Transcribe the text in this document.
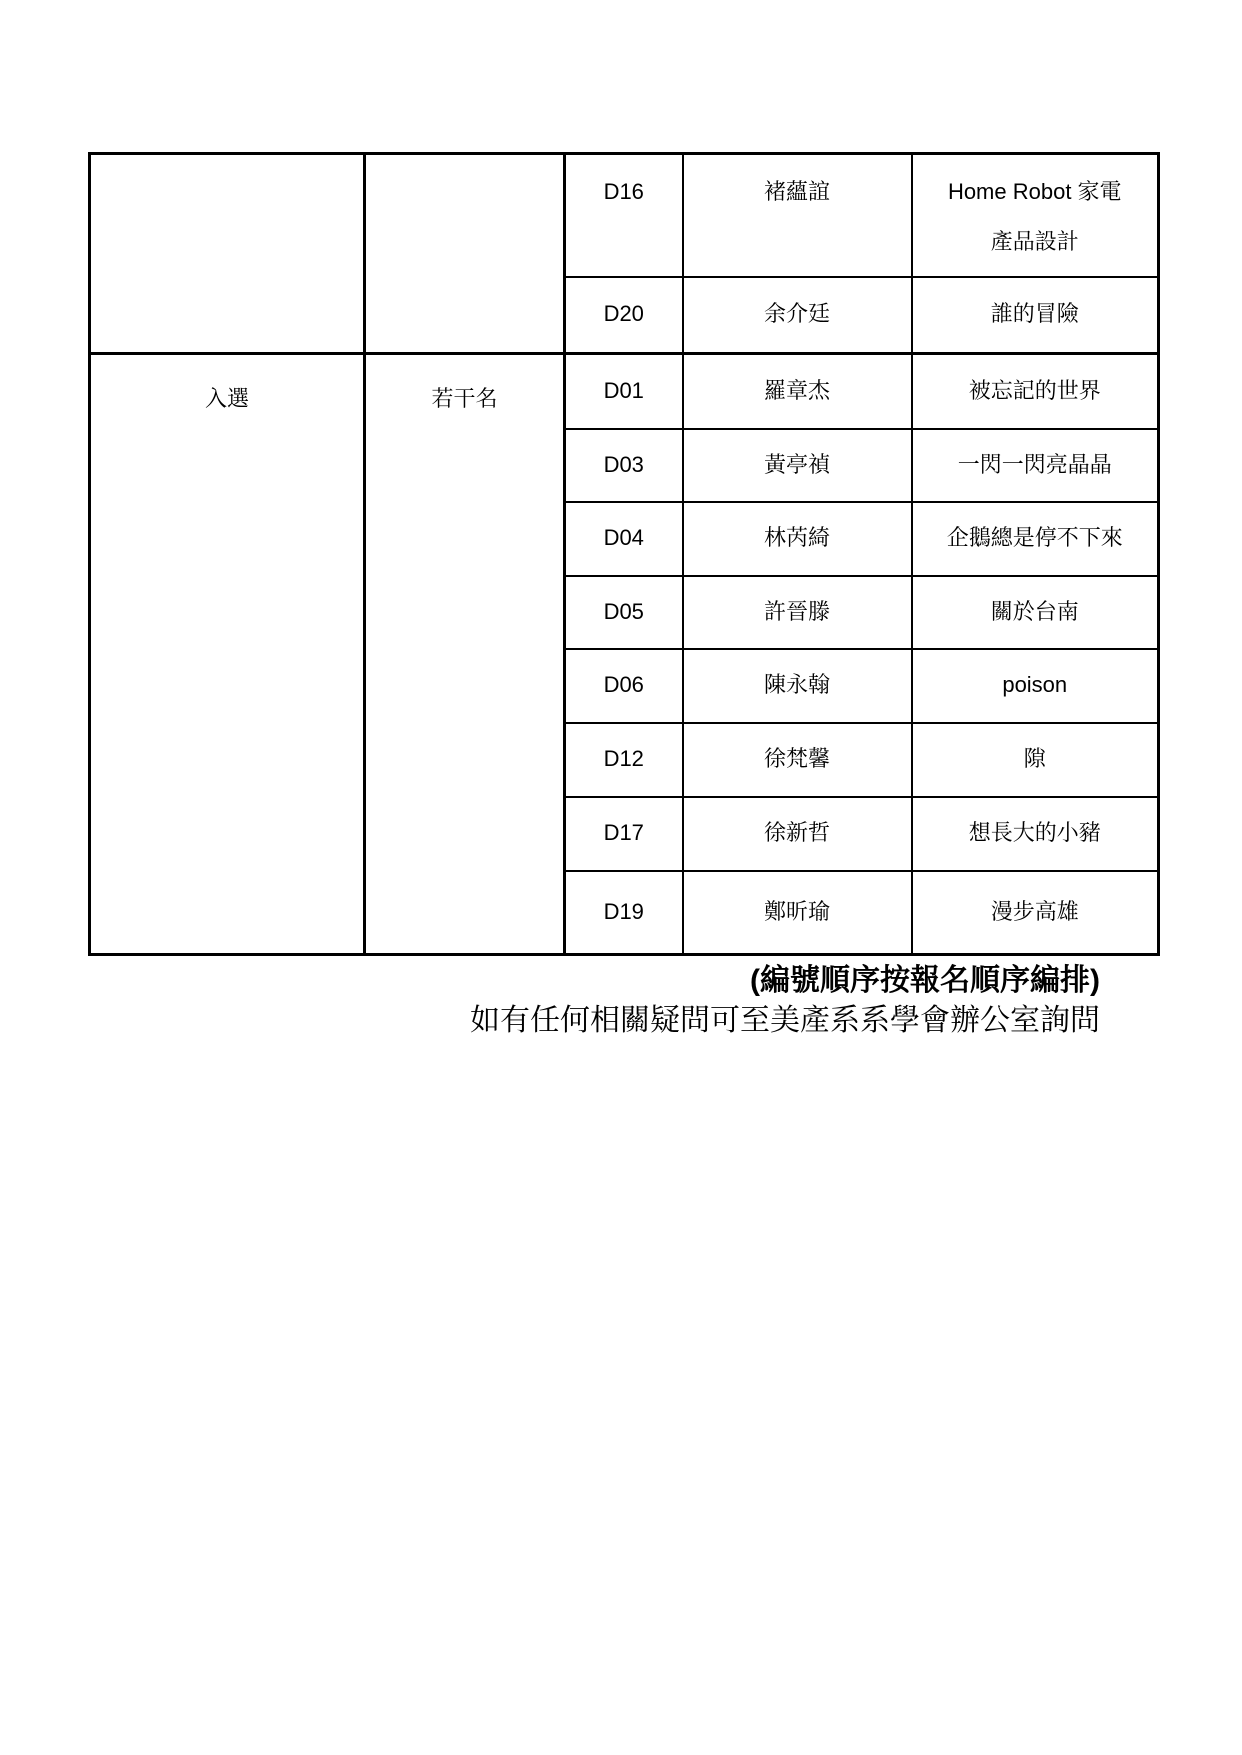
		D16	褚蘊誼	Home Robot 家電產品設計
		D20	余介廷	誰的冒險
入選	若干名	D01	羅章杰	被忘記的世界
		D03	黃亭禎	一閃一閃亮晶晶
		D04	林芮綺	企鵝總是停不下來
		D05	許晉滕	關於台南
		D06	陳永翰	poison
		D12	徐梵馨	隙
		D17	徐新哲	想長大的小豬
		D19	鄭昕瑜	漫步高雄
(編號順序按報名順序編排)
如有任何相關疑問可至美產系系學會辦公室詢問
